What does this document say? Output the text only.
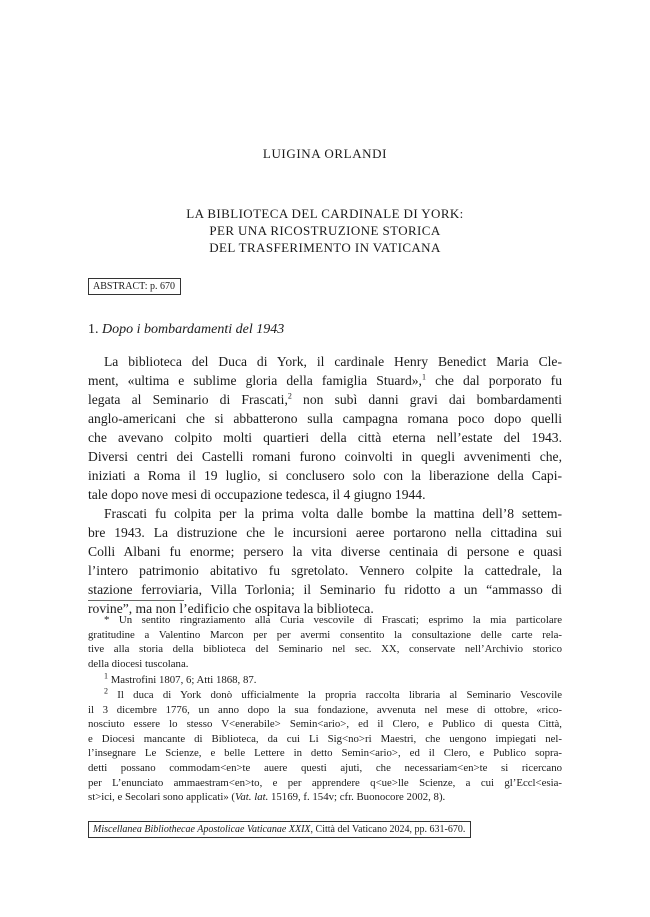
LUIGINA ORLANDI
LA BIBLIOTECA DEL CARDINALE DI YORK:
PER UNA RICOSTRUZIONE STORICA
DEL TRASFERIMENTO IN VATICANA
ABSTRACT: p. 670
1. Dopo i bombardamenti del 1943
La biblioteca del Duca di York, il cardinale Henry Benedict Maria Cle-
ment, «ultima e sublime gloria della famiglia Stuard»,$^1$ che dal porporato fu
legata al Seminario di Frascati,$^2$ non subì danni gravi dai bombardamenti
anglo-americani che si abbatterono sulla campagna romana poco dopo quelli
che avevano colpito molti quartieri della città eterna nell’estate del 1943.
Diversi centri dei Castelli romani furono coinvolti in quegli avvenimenti che,
iniziati a Roma il 19 luglio, si conclusero solo con la liberazione della Capi-
tale dopo nove mesi di occupazione tedesca, il 4 giugno 1944.
Frascati fu colpita per la prima volta dalle bombe la mattina dell’8 settem-
bre 1943. La distruzione che le incursioni aeree portarono nella cittadina sui
Colli Albani fu enorme; persero la vita diverse centinaia di persone e quasi
l’intero patrimonio abitativo fu sgretolato. Vennero colpite la cattedrale, la
stazione ferroviaria, Villa Torlonia; il Seminario fu ridotto a un “ammasso di
rovine”, ma non l’edificio che ospitava la biblioteca.
* Un sentito ringraziamento alla Curia vescovile di Frascati; esprimo la mia particolare
gratitudine a Valentino Marcon per per avermi consentito la consultazione delle carte rela-
tive alla storia della biblioteca del Seminario nel sec. XX, conservate nell’Archivio storico
della diocesi tuscolana.
$^1$ Mastrofini 1807, 6; Atti 1868, 87.
$^2$ Il duca di York donò ufficialmente la propria raccolta libraria al Seminario Vescovile
il 3 dicembre 1776, un anno dopo la sua fondazione, avvenuta nel mese di ottobre, «rico-
nosciuto essere lo stesso V<enerabile> Semin<ario>, ed il Clero, e Publico di questa Città,
e Diocesi mancante di Biblioteca, da cui Li Sig<no>ri Maestri, che uengono impiegati nel-
l’insegnare Le Scienze, e belle Lettere in detto Semin<ario>, ed il Clero, e Publico sopra-
detti possano commodam<en>te auere questi ajuti, che necessariam<en>te si ricercano
per L’enunciato ammaestram<en>to, e per apprendere q<ue>lle Scienze, a cui gl’Eccl<esia-
st>ici, e Secolari sono applicati» (Vat. lat. 15169, f. 154v; cfr. Buonocore 2002, 8).
Miscellanea Bibliothecae Apostolicae Vaticanae XXIX, Città del Vaticano 2024, pp. 631-670.
